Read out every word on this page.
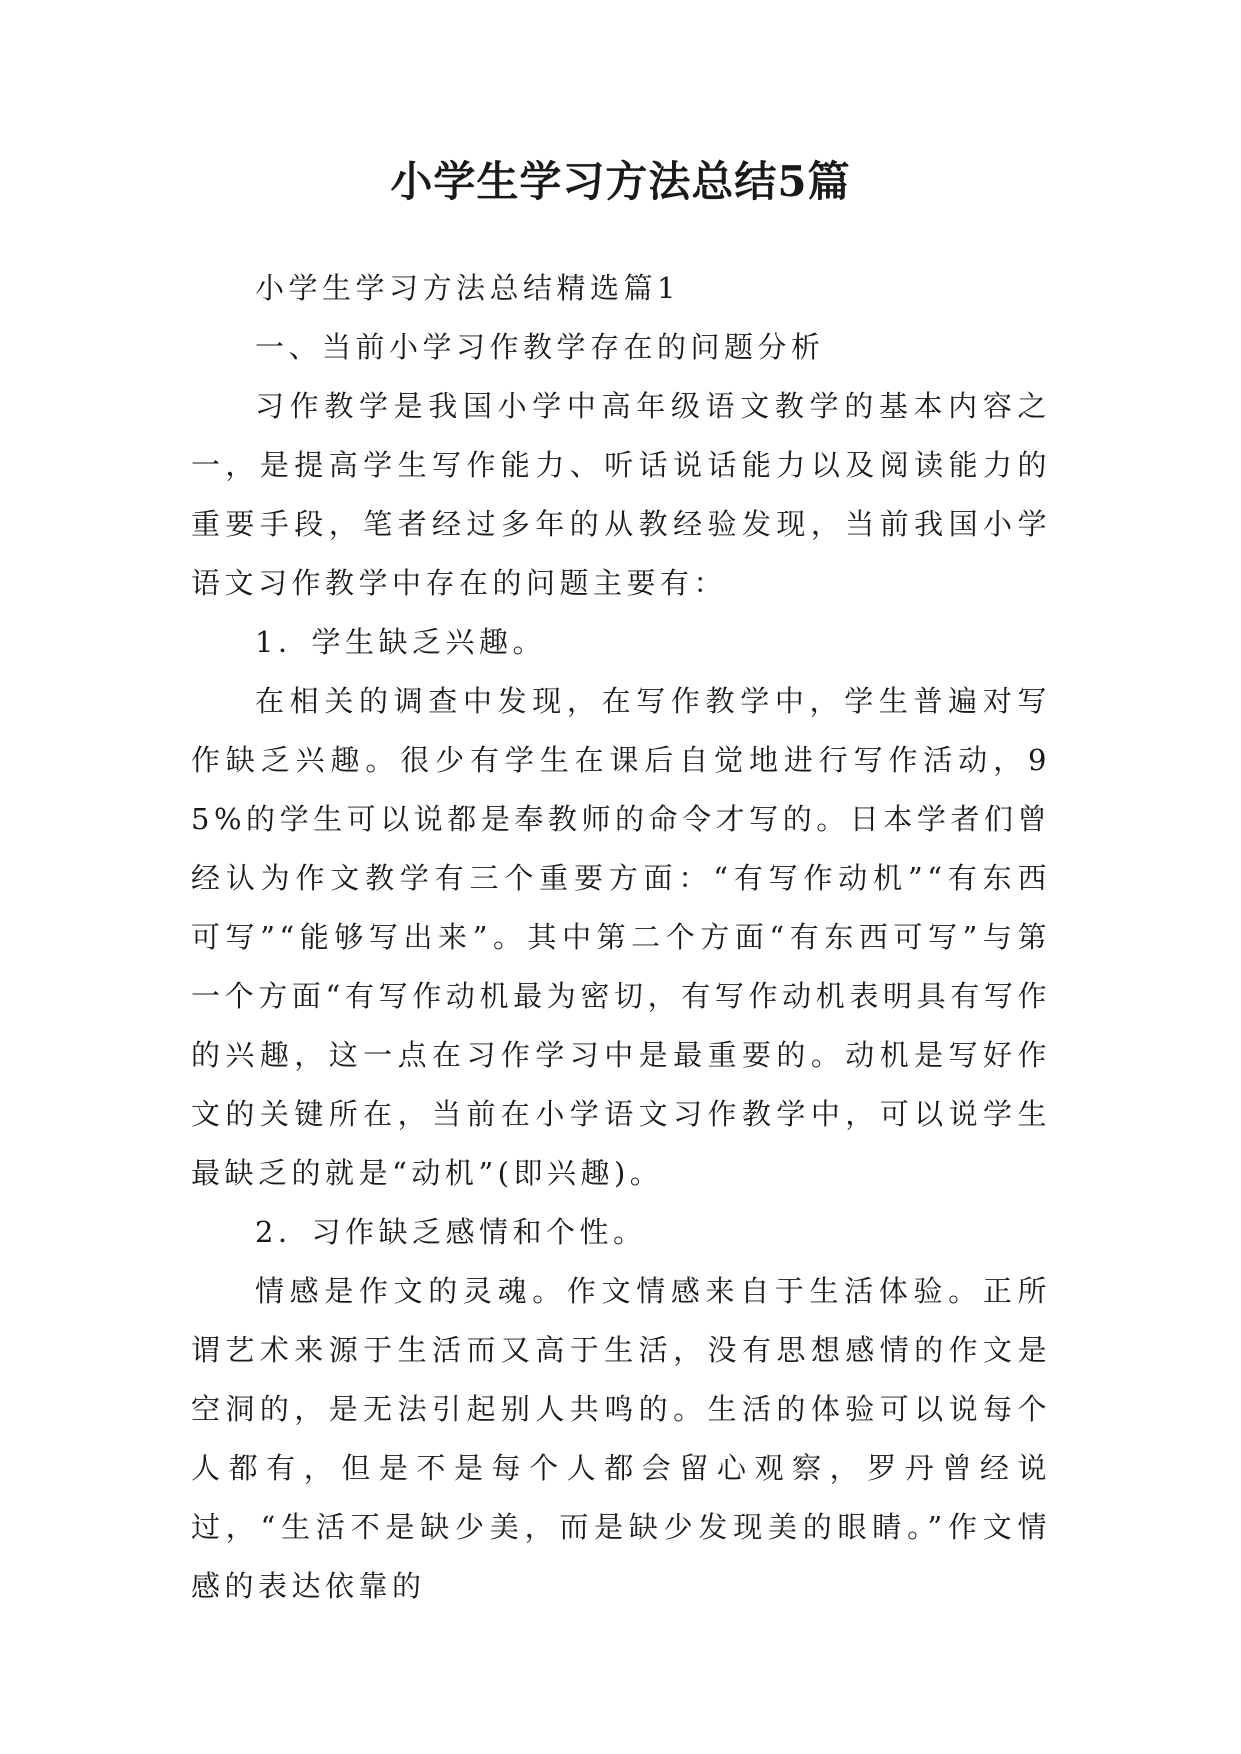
小学生学习方法总结5篇

小学生学习方法总结精选篇1

一、当前小学习作教学存在的问题分析

习作教学是我国小学中高年级语文教学的基本内容之一，是提高学生写作能力、听话说话能力以及阅读能力的重要手段，笔者经过多年的从教经验发现，当前我国小学语文习作教学中存在的问题主要有：

1．学生缺乏兴趣。

在相关的调查中发现，在写作教学中，学生普遍对写作缺乏兴趣。很少有学生在课后自觉地进行写作活动，95%的学生可以说都是奉教师的命令才写的。日本学者们曾经认为作文教学有三个重要方面：“有写作动机”“有东西可写”“能够写出来”。其中第二个方面“有东西可写”与第一个方面“有写作动机最为密切，有写作动机表明具有写作的兴趣，这一点在习作学习中是最重要的。动机是写好作文的关键所在，当前在小学语文习作教学中，可以说学生最缺乏的就是“动机”(即兴趣)。

2．习作缺乏感情和个性。

情感是作文的灵魂。作文情感来自于生活体验。正所谓艺术来源于生活而又高于生活，没有思想感情的作文是空洞的，是无法引起别人共鸣的。生活的体验可以说每个人都有，但是不是每个人都会留心观察，罗丹曾经说过，“生活不是缺少美，而是缺少发现美的眼睛。”作文情感的表达依靠的
